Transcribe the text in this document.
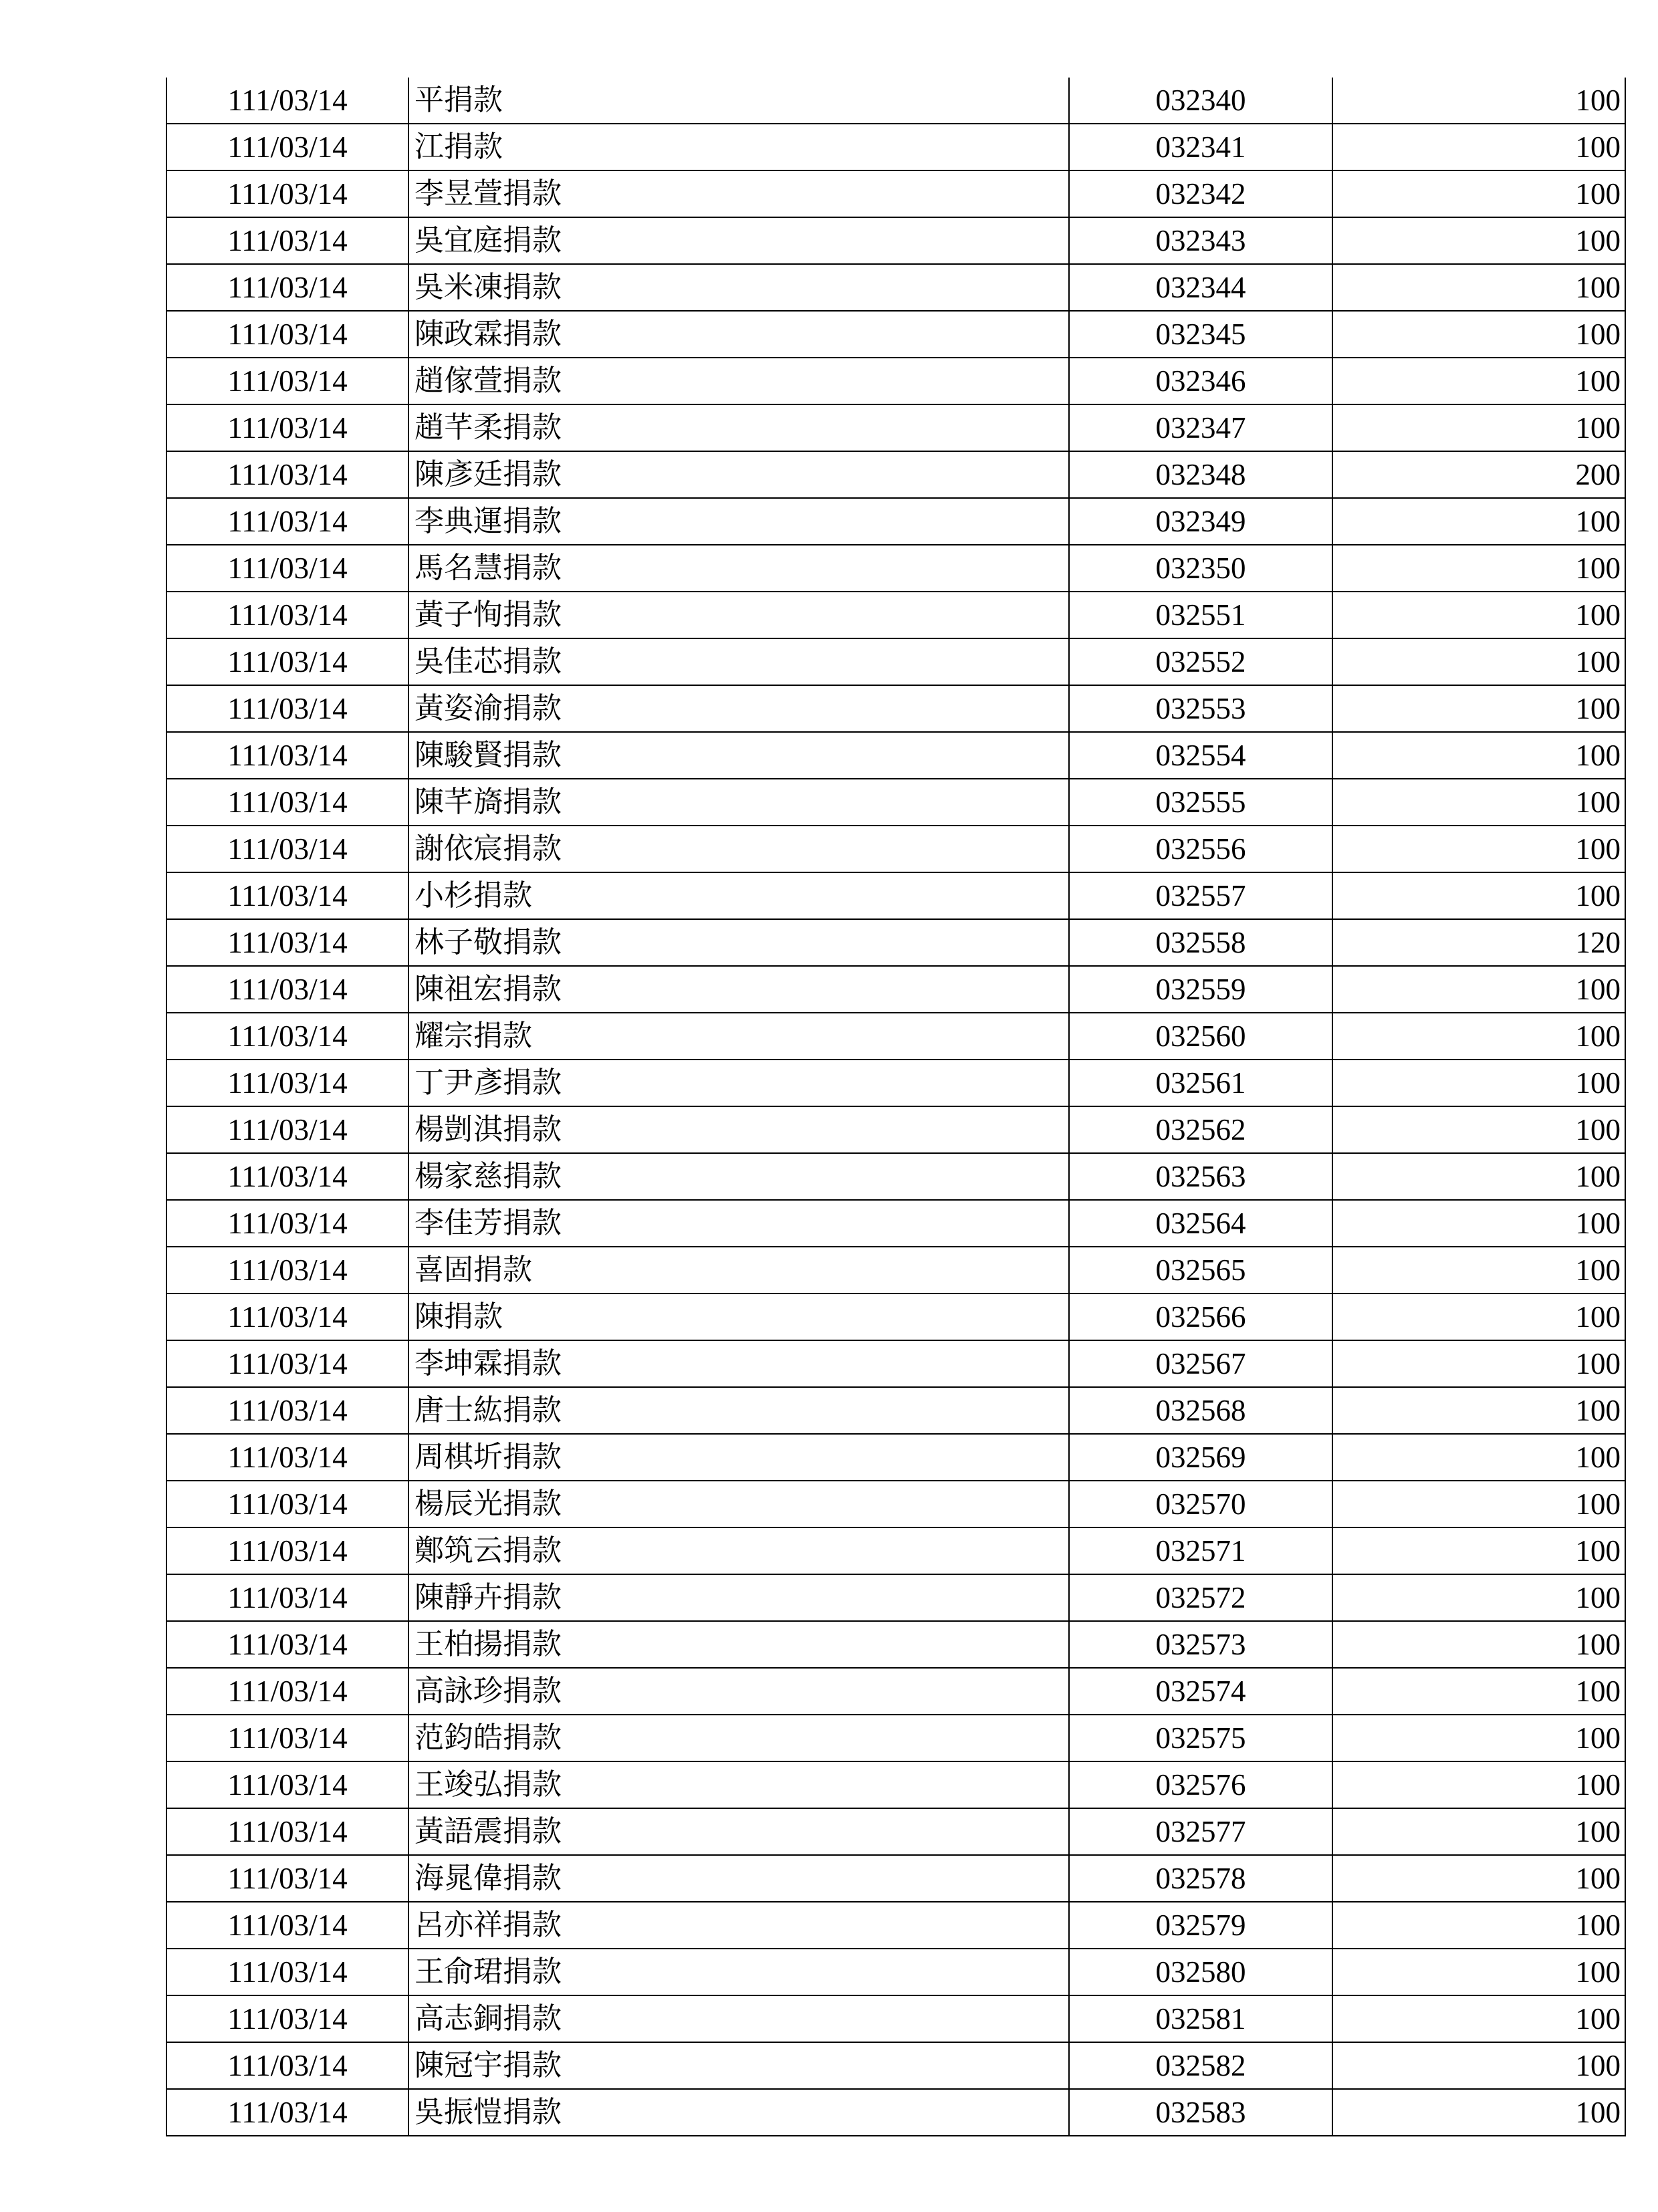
111/03/14	平捐款	032340	100
111/03/14	江捐款	032341	100
111/03/14	李昱萱捐款	032342	100
111/03/14	吳宜庭捐款	032343	100
111/03/14	吳米凍捐款	032344	100
111/03/14	陳政霖捐款	032345	100
111/03/14	趙傢萱捐款	032346	100
111/03/14	趙芊柔捐款	032347	100
111/03/14	陳彥廷捐款	032348	200
111/03/14	李典運捐款	032349	100
111/03/14	馬名慧捐款	032350	100
111/03/14	黃子恂捐款	032551	100
111/03/14	吳佳芯捐款	032552	100
111/03/14	黃姿渝捐款	032553	100
111/03/14	陳駿賢捐款	032554	100
111/03/14	陳芊旖捐款	032555	100
111/03/14	謝依宸捐款	032556	100
111/03/14	小杉捐款	032557	100
111/03/14	林子敬捐款	032558	120
111/03/14	陳祖宏捐款	032559	100
111/03/14	耀宗捐款	032560	100
111/03/14	丁尹彥捐款	032561	100
111/03/14	楊剴淇捐款	032562	100
111/03/14	楊家慈捐款	032563	100
111/03/14	李佳芳捐款	032564	100
111/03/14	喜固捐款	032565	100
111/03/14	陳捐款	032566	100
111/03/14	李坤霖捐款	032567	100
111/03/14	唐士紘捐款	032568	100
111/03/14	周棋圻捐款	032569	100
111/03/14	楊辰光捐款	032570	100
111/03/14	鄭筑云捐款	032571	100
111/03/14	陳靜卉捐款	032572	100
111/03/14	王柏揚捐款	032573	100
111/03/14	高詠珍捐款	032574	100
111/03/14	范鈞皓捐款	032575	100
111/03/14	王竣弘捐款	032576	100
111/03/14	黃語震捐款	032577	100
111/03/14	海晁偉捐款	032578	100
111/03/14	呂亦祥捐款	032579	100
111/03/14	王俞珺捐款	032580	100
111/03/14	高志銅捐款	032581	100
111/03/14	陳冠宇捐款	032582	100
111/03/14	吳振愷捐款	032583	100
